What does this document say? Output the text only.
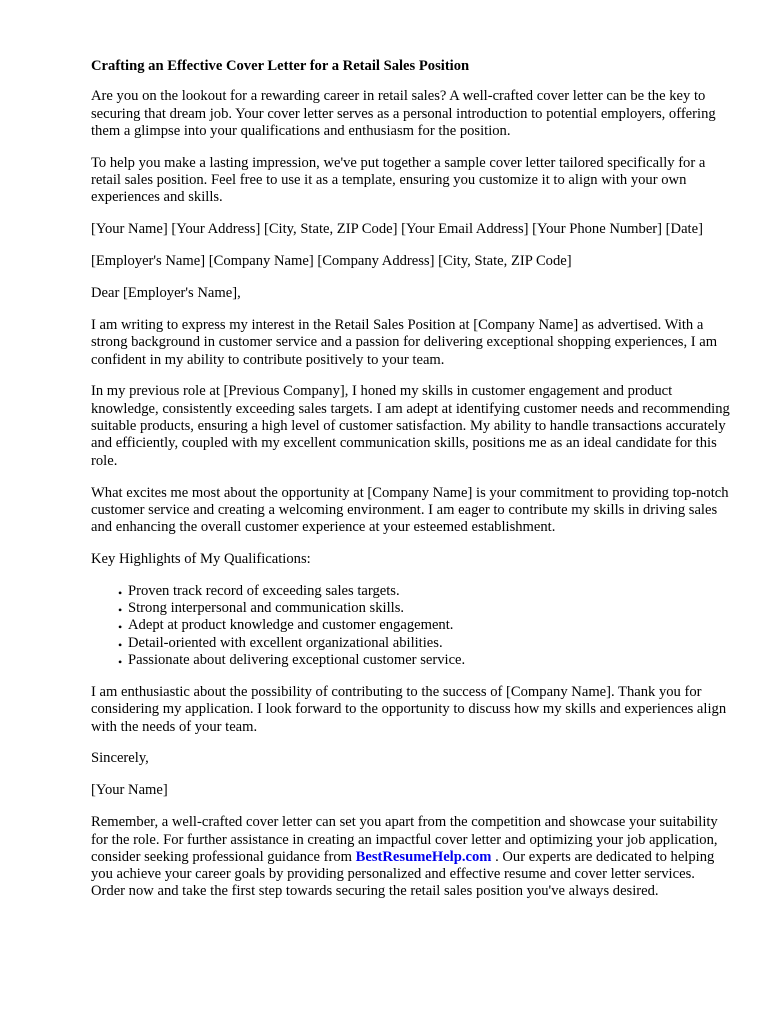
Crafting an Effective Cover Letter for a Retail Sales Position

Are you on the lookout for a rewarding career in retail sales? A well-crafted cover letter can be the key to securing that dream job. Your cover letter serves as a personal introduction to potential employers, offering them a glimpse into your qualifications and enthusiasm for the position.

To help you make a lasting impression, we've put together a sample cover letter tailored specifically for a retail sales position. Feel free to use it as a template, ensuring you customize it to align with your own experiences and skills.

[Your Name] [Your Address] [City, State, ZIP Code] [Your Email Address] [Your Phone Number] [Date]

[Employer's Name] [Company Name] [Company Address] [City, State, ZIP Code]

Dear [Employer's Name],

I am writing to express my interest in the Retail Sales Position at [Company Name] as advertised. With a strong background in customer service and a passion for delivering exceptional shopping experiences, I am confident in my ability to contribute positively to your team.

In my previous role at [Previous Company], I honed my skills in customer engagement and product knowledge, consistently exceeding sales targets. I am adept at identifying customer needs and recommending suitable products, ensuring a high level of customer satisfaction. My ability to handle transactions accurately and efficiently, coupled with my excellent communication skills, positions me as an ideal candidate for this role.

What excites me most about the opportunity at [Company Name] is your commitment to providing top-notch customer service and creating a welcoming environment. I am eager to contribute my skills in driving sales and enhancing the overall customer experience at your esteemed establishment.

Key Highlights of My Qualifications:

• Proven track record of exceeding sales targets.
• Strong interpersonal and communication skills.
• Adept at product knowledge and customer engagement.
• Detail-oriented with excellent organizational abilities.
• Passionate about delivering exceptional customer service.

I am enthusiastic about the possibility of contributing to the success of [Company Name]. Thank you for considering my application. I look forward to the opportunity to discuss how my skills and experiences align with the needs of your team.

Sincerely,

[Your Name]

Remember, a well-crafted cover letter can set you apart from the competition and showcase your suitability for the role. For further assistance in creating an impactful cover letter and optimizing your job application, consider seeking professional guidance from BestResumeHelp.com . Our experts are dedicated to helping you achieve your career goals by providing personalized and effective resume and cover letter services. Order now and take the first step towards securing the retail sales position you've always desired.
